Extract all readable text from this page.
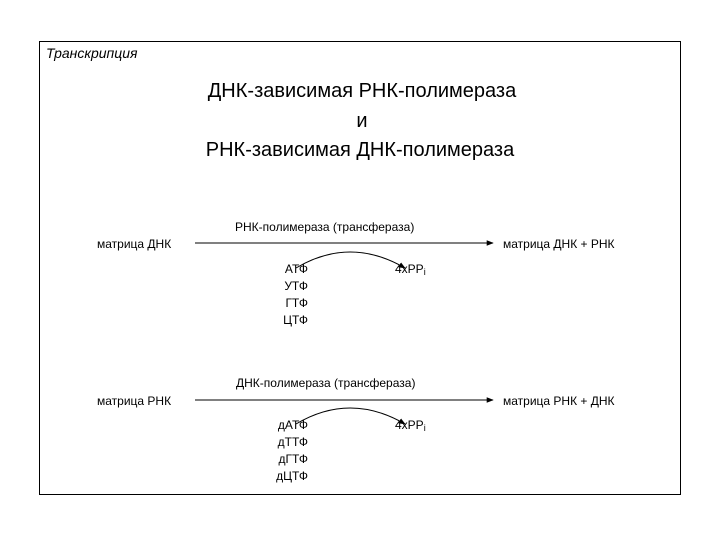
Транскрипция
ДНК-зависимая РНК-полимераза
и
РНК-зависимая ДНК-полимераза
РНК-полимераза (трансфераза)
матрица ДНК	матрица ДНК + РНК
АТФ
УТФ
ГТФ
ЦТФ
4хРР$_i$
ДНК-полимераза (трансфераза)
матрица РНК	матрица РНК + ДНК
дАТФ
дТТФ
дГТФ
дЦТФ
4хРР$_i$
